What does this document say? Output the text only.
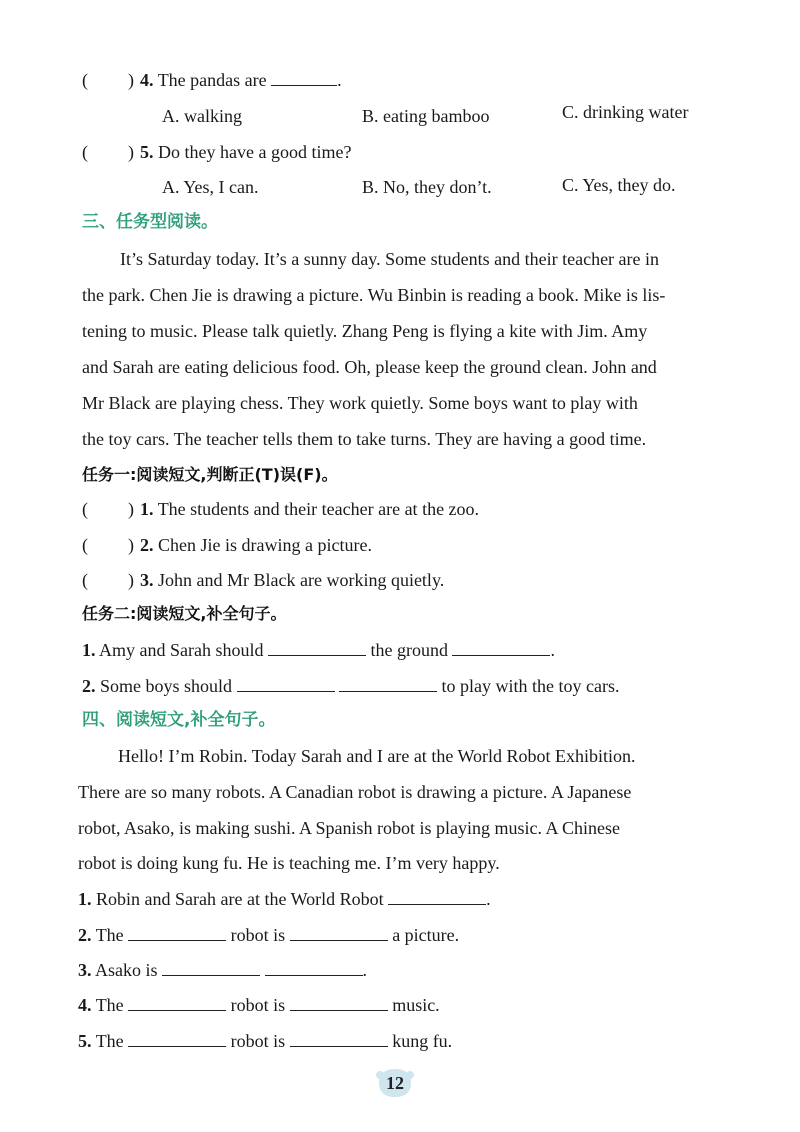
( ) 4. The pandas are	.
A. walking	B. eating bamboo	C. drinking water
( ) 5. Do they have a good time?
A. Yes, I can.	B. No, they don’t.	C. Yes, they do.
三、任务型阅读。
It’s Saturday today. It’s a sunny day. Some students and their teacher are in
the park. Chen Jie is drawing a picture. Wu Binbin is reading a book. Mike is lis-
tening to music. Please talk quietly. Zhang Peng is flying a kite with Jim. Amy
and Sarah are eating delicious food. Oh, please keep the ground clean. John and
Mr Black are playing chess. They work quietly. Some boys want to play with
the toy cars. The teacher tells them to take turns. They are having a good time.
任务一:阅读短文,判断正(T)误(F)。
( ) 1. The students and their teacher are at the zoo.
( ) 2. Chen Jie is drawing a picture.
( ) 3. John and Mr Black are working quietly.
任务二:阅读短文,补全句子。
1. Amy and Sarah should	the ground	.
2. Some boys should	to play with the toy cars.
四、阅读短文,补全句子。
Hello! I’m Robin. Today Sarah and I are at the World Robot Exhibition.
There are so many robots. A Canadian robot is drawing a picture. A Japanese
robot, Asako, is making sushi. A Spanish robot is playing music. A Chinese
robot is doing kung fu. He is teaching me. I’m very happy.
1. Robin and Sarah are at the World Robot	.
2. The	robot is	a picture.
3. Asako is	.
4. The	robot is	music.
5. The	robot is	kung fu.
12
